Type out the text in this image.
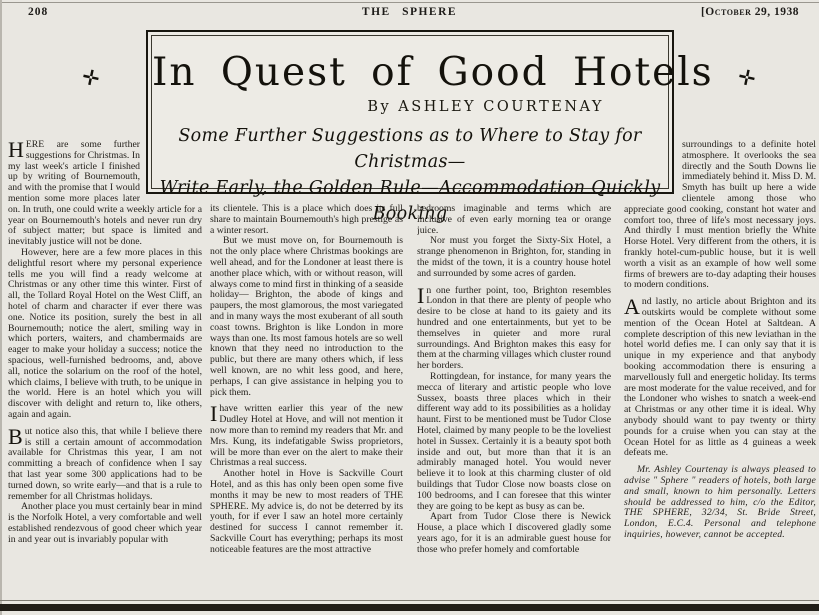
208	THE SPHERE	[October 29, 1938
✛	✛
In Quest of Good Hotels
By ASHLEY COURTENAY
Some Further Suggestions as to Where to Stay for Christmas—
Write Early, the Golden Rule—Accommodation Quickly Booking

HERE are some further suggestions for Christmas. In my last week's article I finished up by writing of Bournemouth, and with the promise that I would mention some more places later on. In truth, one could write a weekly article for a year on Bournemouth's hotels and never run dry of subject matter; but space is limited and inevitably justice will not be done.

However, here are a few more places in this delightful resort where my personal experience tells me you will find a ready welcome at Christmas or any other time this winter. First of all, the Tollard Royal Hotel on the West Cliff, an hotel of charm and character if ever there was one. Notice its position, surely the best in all Bournemouth; notice the alert, smiling way in which porters, waiters, and chambermaids are eager to make your holiday a success; notice the spacious, well-furnished bedrooms, and, above all, notice the solarium on the roof of the hotel, which claims, I believe with truth, to be unique in the world. Here is an hotel which you will discover with delight and return to, like others, again and again.

But notice also this, that while I believe there is still a certain amount of accommodation available for Christmas this year, I am not committing a breach of confidence when I say that last year some 300 applications had to be turned down, so write early—and that is a rule to remember for all Christmas holidays.

Another place you must certainly bear in mind is the Norfolk Hotel, a very comfortable and well established rendezvous of good cheer which year in and year out is invariably popular with

its clientele. This is a place which does its full share to maintain Bournemouth's high prestige as a winter resort.

But we must move on, for Bournemouth is not the only place where Christmas bookings are well ahead, and for the Londoner at least there is another place which, with or without reason, will always come to mind first in thinking of a seaside holiday— Brighton, the abode of kings and paupers, the most glamorous, the most variegated and in many ways the most exuberant of all south coast towns. Brighton is like London in more ways than one. Its most famous hotels are so well known that they need no introduction to the public, but there are many others which, if less well known, are no whit less good, and here, perhaps, I can give assistance in helping you to pick them.

I have written earlier this year of the new Dudley Hotel at Hove, and will not mention it now more than to remind my readers that Mr. and Mrs. Kung, its indefatigable Swiss proprietors, will be more than ever on the alert to make their Christmas a real success.

Another hotel in Hove is Sackville Court Hotel, and as this has only been open some five months it may be new to most readers of THE SPHERE. My advice is, do not be deterred by its youth, for if ever I saw an hotel more certainly destined for success I cannot remember it. Sackville Court has everything; perhaps its most noticeable features are the most attractive

bedrooms imaginable and terms which are inclusive of even early morning tea or orange juice.

Nor must you forget the Sixty-Six Hotel, a strange phenomenon in Brighton, for, standing in the midst of the town, it is a country house hotel and surrounded by some acres of garden.

In one further point, too, Brighton resembles London in that there are plenty of people who desire to be close at hand to its gaiety and its hundred and one entertainments, but yet to be themselves in quieter and more rural surroundings. And Brighton makes this easy for them at the charming villages which cluster round her borders.

Rottingdean, for instance, for many years the mecca of literary and artistic people who love Sussex, boasts three places which in their different way add to its possibilities as a holiday haunt. First to be mentioned must be Tudor Close Hotel, claimed by many people to be the loveliest hotel in Sussex. Certainly it is a beauty spot both inside and out, but more than that it is an admirably managed hotel. You would never believe it to look at this charming cluster of old buildings that Tudor Close now boasts close on 100 bedrooms, and I can foresee that this winter they are going to be kept as busy as can be.

Apart from Tudor Close there is Newick House, a place which I discovered gladly some years ago, for it is an admirable guest house for those who prefer homely and comfortable

surroundings to a definite hotel atmosphere. It overlooks the sea directly and the South Downs lie immediately behind it. Miss D. M. Smyth has built up here a wide clientele among those who appreciate good cooking, constant hot water and comfort too, three of life's most necessary joys. And thirdly I must mention briefly the White Horse Hotel. Very different from the others, it is frankly hotel-cum-public house, but it is well worth a visit as an example of how well some firms of brewers are to-day adapting their houses to modern conditions.

And lastly, no article about Brighton and its outskirts would be complete without some mention of the Ocean Hotel at Saltdean. A complete description of this new leviathan in the hotel world defies me. I can only say that it is unique in my experience and that anybody booking accommodation there is ensuring a marvellously full and energetic holiday. Its terms are most moderate for the value received, and for the Londoner who wishes to snatch a week-end at Christmas or any other time it is ideal. Why anybody should want to pay twenty or thirty pounds for a cruise when you can stay at the Ocean Hotel for as little as 4 guineas a week defeats me.

Mr. Ashley Courtenay is always pleased to advise " Sphere " readers of hotels, both large and small, known to him personally. Letters should be addressed to him, c/o the Editor, THE SPHERE, 32/34, St. Bride Street, London, E.C.4. Personal and telephone inquiries, however, cannot be accepted.
